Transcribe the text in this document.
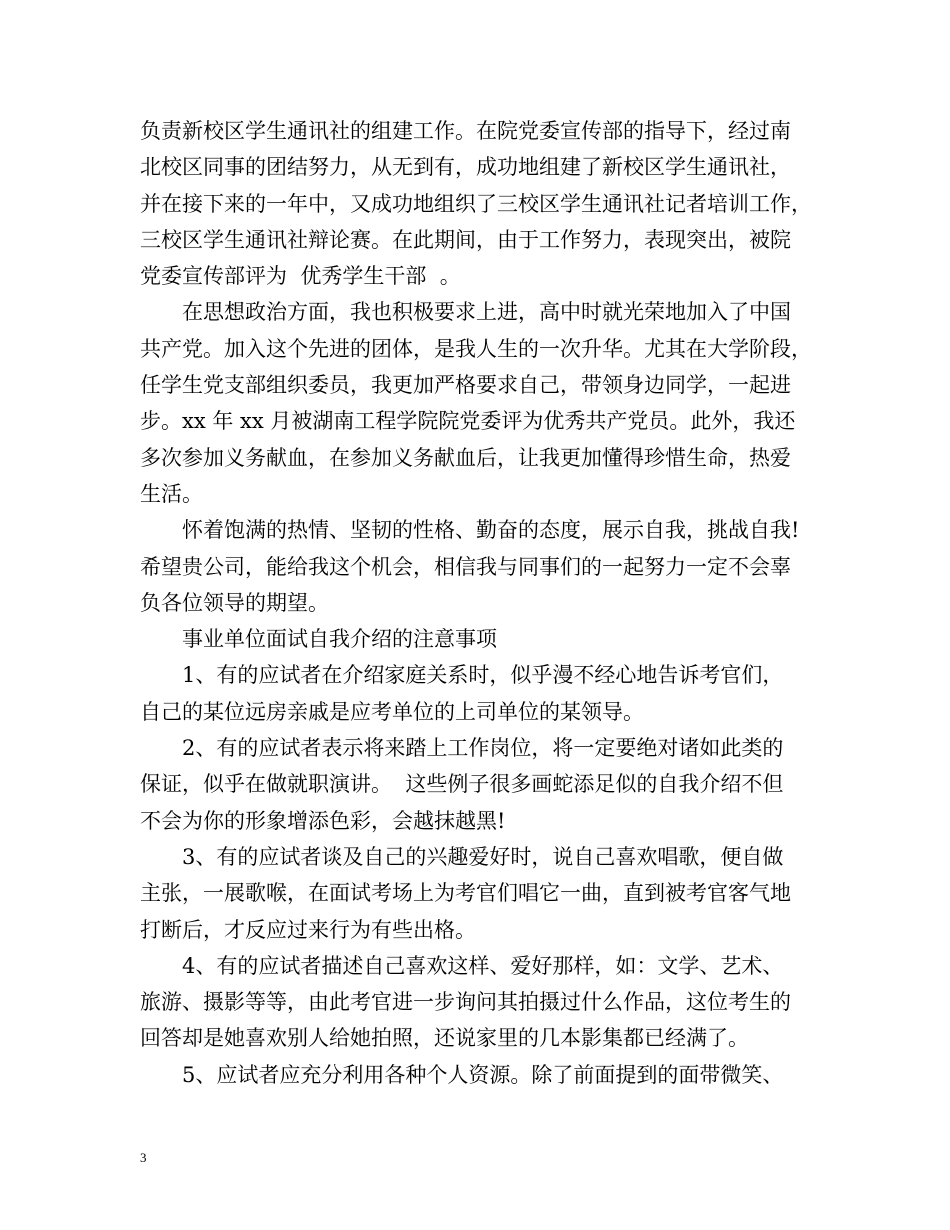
负责新校区学生通讯社的组建工作。在院党委宣传部的指导下，经过南
北校区同事的团结努力，从无到有，成功地组建了新校区学生通讯社，
并在接下来的一年中，又成功地组织了三校区学生通讯社记者培训工作，
三校区学生通讯社辩论赛。在此期间，由于工作努力，表现突出，被院
党委宣传部评为  优秀学生干部  。
在思想政治方面，我也积极要求上进，高中时就光荣地加入了中国
共产党。加入这个先进的团体，是我人生的一次升华。尤其在大学阶段，
任学生党支部组织委员，我更加严格要求自己，带领身边同学，一起进
步。xx 年 xx 月被湖南工程学院院党委评为优秀共产党员。此外，我还
多次参加义务献血，在参加义务献血后，让我更加懂得珍惜生命，热爱
生活。
怀着饱满的热情、坚韧的性格、勤奋的态度，展示自我，挑战自我!
希望贵公司，能给我这个机会，相信我与同事们的一起努力一定不会辜
负各位领导的期望。
事业单位面试自我介绍的注意事项
1、有的应试者在介绍家庭关系时，似乎漫不经心地告诉考官们，
自己的某位远房亲戚是应考单位的上司单位的某领导。
2、有的应试者表示将来踏上工作岗位，将一定要绝对诸如此类的
保证，似乎在做就职演讲。  这些例子很多画蛇添足似的自我介绍不但
不会为你的形象增添色彩，会越抹越黑!
3、有的应试者谈及自己的兴趣爱好时，说自己喜欢唱歌，便自做
主张，一展歌喉，在面试考场上为考官们唱它一曲，直到被考官客气地
打断后，才反应过来行为有些出格。
4、有的应试者描述自己喜欢这样、爱好那样，如：文学、艺术、
旅游、摄影等等，由此考官进一步询问其拍摄过什么作品，这位考生的
回答却是她喜欢别人给她拍照，还说家里的几本影集都已经满了。
5、应试者应充分利用各种个人资源。除了前面提到的面带微笑、
3
